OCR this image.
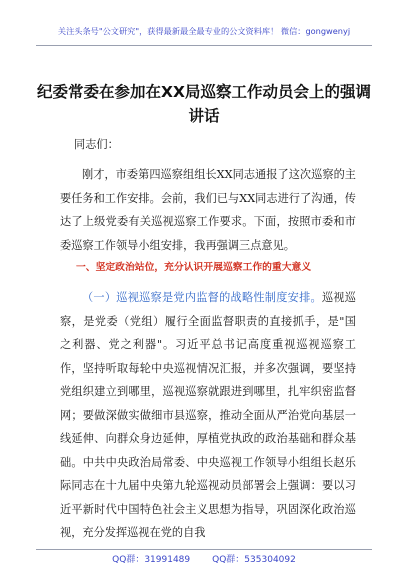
关注头条号"公文研究"，获得最新最全最专业的公文资料库！ 微信：gongwenyj
纪委常委在参加在XX局巡察工作动员会上的强调讲话
同志们：
刚才，市委第四巡察组组长XX同志通报了这次巡察的主要任务和工作安排。会前，我们已与XX同志进行了沟通，传达了上级党委有关巡视巡察工作要求。下面，按照市委和市委巡察工作领导小组安排，我再强调三点意见。
一、坚定政治站位，充分认识开展巡察工作的重大意义
（一）巡视巡察是党内监督的战略性制度安排。巡视巡察，是党委（党组）履行全面监督职责的直接抓手，是"国之利器、党之利器"。习近平总书记高度重视巡视巡察工作，坚持听取每轮中央巡视情况汇报，并多次强调，要坚持党组织建立到哪里，巡视巡察就跟进到哪里，扎牢织密监督网；要做深做实做细市县巡察，推动全面从严治党向基层一线延伸、向群众身边延伸，厚植党执政的政治基础和群众基础。中共中央政治局常委、中央巡视工作领导小组组长赵乐际同志在十九届中央第九轮巡视动员部署会上强调：要以习近平新时代中国特色社会主义思想为指导，巩固深化政治巡视，充分发挥巡视在党的自我
QQ群：31991489 QQ群：535304092
